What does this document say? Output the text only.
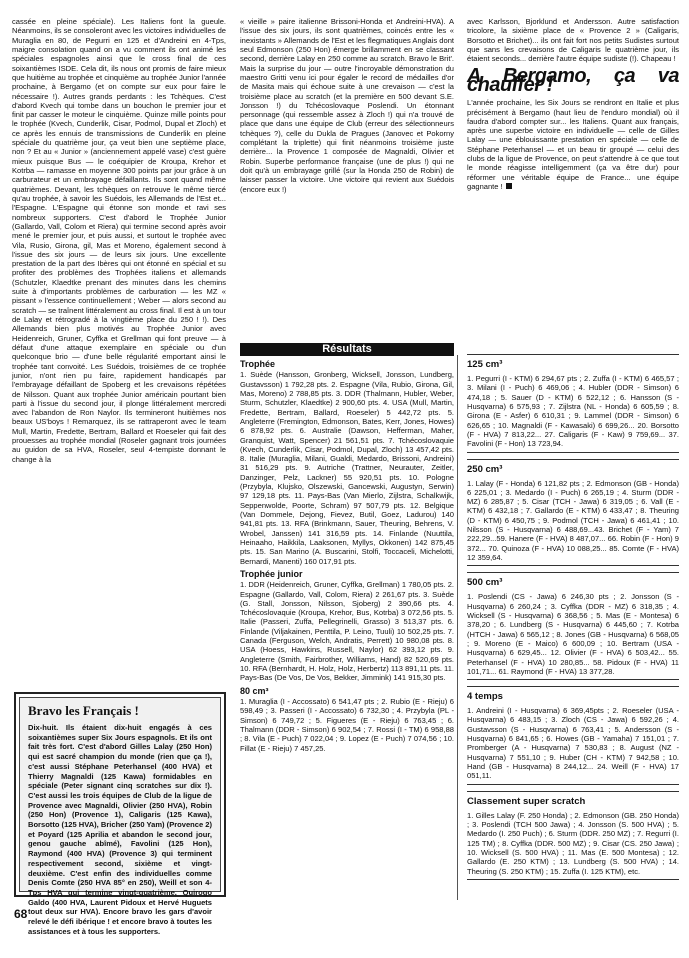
cassée en pleine spéciale). Les Italiens font la gueule. Néanmoins, ils se consoleront avec les victoires individuelles de Muraglia en 80, de Pegurri en 125 et d'Andreini en 4-Tps, maigre consolation quand on a vu comment ils ont animé les spéciales espagnoles ainsi que le cross final de ces soixantièmes ISDE. Cela dit, ils nous ont promis de faire mieux que huitième au trophée et cinquième au trophée Junior l'année prochaine, à Bergamo (et on compte sur eux pour faire le nécessaire !). Autres grands perdants : les Tchèques. C'est d'abord Kvech qui tombe dans un bouchon le premier jour et finit par casser le moteur le cinquième. Quinze mille points pour le trophée (Kvech, Cunderlik, Cisar, Podmol, Dupal et Zloch) et ce après les ennuis de transmissions de Cunderlik en pleine spéciale du quatrième jour, ça veut bien une septième place, non ? Et au « Junior » (anciennement appelé vase) c'est guère mieux puisque Bus — le coéquipier de Kroupa, Krehor et Kotrba — ramasse en moyenne 300 points par jour grâce à un carburateur et un embrayage défaillants. Ils sont quand même quatrièmes. Devant, les tchèques on retrouve le même tiercé qu'au trophée, à savoir les Suédois, les Allemands de l'Est et... l'Espagne. L'Espagne qui étonne son monde et ravi ses nombreux supporters. C'est d'abord le Trophée Junior (Gallardo, Vall, Colom et Riera) qui termine second après avoir mené le premier jour, et puis aussi, et surtout le trophée avec Vila, Rusio, Girona, gil, Mas et Moreno, également second à l'issue des six jours — de leurs six jours. Une excellente prestation de la part des Ibères qui ont étonné en spécial et su profiter des problèmes des Trophées italiens et allemands (Schutzler, Klaedtke prenant des minutes dans les chemins suite à d'importants problèmes de carburation — les MZ « pissant » l'essence continuellement ; Weber — alors second au scratch — se traînent littéralement au cross final. Il est à un tour de Lalay et rétrogradé à la vingtième place du 250 ! !). Des Allemands bien plus motivés au Trophée Junior avec Heidenreich, Gruner, Cyffka et Grellman qui font preuve — à défaut d'une attaque exemplaire en spéciale ou d'un quelconque brio — d'une belle régularité emportant ainsi le trophée tant convoité. Les Suédois, troisièmes de ce trophée junior, n'ont rien pu faire, rapidement handicapés par l'embrayage défaillant de Spoberg et les crevaisons répétées de Nilsson. Quant aux trophée Junior américain pourtant bien parti à l'issue du second jour, il plonge littéralement mercredi avec l'abandon de Ron Naylor. Ils termineront huitièmes nos beaux US'boys ! Remarquez, ils se rattraperont avec le team Mull, Martin, Fredette, Bertram, Ballard et Roeseler qui fait des prouesses au trophée mondial (Roseler gagnant trois journées au guidon de sa HVA, Roseler, seul 4-tempiste donnant le change à la

Bravo les Français !

Dix-huit. Ils étaient dix-huit engagés à ces soixantièmes super Six Jours espagnols. Et ils ont fait très fort. C'est d'abord Gilles Lalay (250 Hon) qui est sacré champion du monde (rien que ça !), c'est aussi Stéphane Peterhansel (400 HVA) et Thierry Magnaldi (125 Kawa) formidables en spéciale (Peter signant cinq scratches sur dix !). C'est aussi les trois équipes de Club de la ligue de Provence avec Magnaldi, Olivier (250 HVA), Robin (250 Hon) (Provence 1), Caligaris (125 Kawa), Borsotto (125 HVA), Bricher (250 Yam) (Provence 2) et Poyard (125 Aprilia et abandon le second jour, genou gauche abîmé), Favolini (125 Hon), Raymond (400 HVA) (Provence 3) qui terminent respectivement second, sixième et vingt-deuxième. C'est enfin des individuelles comme Denis Comte (250 HVA 85° en 250), Weill et son 4-Tps HVA qui termine vingt-quatrième, Quirogo Galdo (400 HVA, Laurent Pidoux et Hervé Huguets tout deux sur HVA). Encore bravo les gars d'avoir relevé le défi ibérique ! et encore bravo à toutes les assistances et à tous les supporters.

« vieille » paire italienne Brissoni-Honda et Andreini-HVA). A l'issue des six jours, ils sont quatrièmes, coincés entre les « inexistants » Allemands de l'Est et les flegmatiques Anglais dont seul Edmonson (250 Hon) émerge brillamment en se classant second, derrière Lalay en 250 comme au scratch. Bravo le Brit'. Mais la surprise du jour — outre l'incroyable démonstration du maestro Gritti venu ici pour égaler le record de médailles d'or de Masita mais qui échoue suite à une crevaison — c'est la troisième place au scratch (et la première en 500 devant S.E. Jonsson !) du Tchécoslovaque Poslendi. Un étonnant personnage (qui ressemble assez à Zloch !) qui n'a trouvé de place que dans une équipe de Club (erreur des sélectionneurs tchèques ?), celle du Dukla de Pragues (Janovec et Pokorny complétant la triplette) qui finit néanmoins troisième juste derrière... la Provence 1 composée de Magnaldi, Olivier et Robin. Superbe performance française (une de plus !) qui ne doit qu'à un embrayage grillé (sur la Honda 250 de Robin) de laisser passer la victoire. Une victoire qui revient aux Suédois (encore eux !)

Résultats
Trophée
1. Suède (Hansson, Gronberg, Wicksell, Jonsson, Lundberg, Gustavsson) 1 792,28 pts. 2. Espagne (Vila, Rubio, Girona, Gil, Mas, Moreno) 2 788,85 pts. 3. DDR (Thalmann, Hubler, Weber, Sturm, Schutzler, Klaedtke) 2 900,60 pts. 4. USA (Mull, Martin, Fredette, Bertram, Ballard, Roeseler) 5 442,72 pts. 5. Angleterre (Fremington, Edmonson, Bates, Kerr, Jones, Howes) 6 878,92 pts. 6. Australie (Dawson, Hefferman, Maher, Granquist, Watt, Spencer) 21 561,51 pts. 7. Tchécoslovaquie (Kvech, Cunderlik, Cisar, Podmol, Dupal, Zloch) 13 457,42 pts. 8. Italie (Muraglia, Milani, Gualdi, Medardo, Brissoni, Andreini) 31 516,29 pts. 9. Autriche (Trattner, Neurauter, Zeitler, Danzinger, Pelz, Lackner) 55 920,51 pts. 10. Pologne (Przybyla, Klujsko, Olszewski, Gancewski, Augustyn, Serwin) 97 129,18 pts. 11. Pays-Bas (Van Mierlo, Zijlstra, Schalkwijk, Seppenwolde, Poorte, Schram) 97 507,79 pts. 12. Belgique (Van Dommele, Dejong, Fievez, Butil, Goez, Ladurou) 140 941,81 pts. 13. RFA (Brinkmann, Sauer, Theuring, Behrens, V. Wrobel, Janssen) 141 316,59 pts. 14. Finlande (Nuuttila, Heinaaho, Haikkila, Laaksonen, Myllys, Okkonen) 142 875,45 pts. 15. San Marino (A. Buscarini, Stolfi, Toccaceli, Michelotti, Bernardi, Manenti) 160 017,91 pts.
Trophée junior
1. DDR (Heidenreich, Gruner, Cyffka, Grellman) 1 780,05 pts. 2. Espagne (Gallardo, Vall, Colom, Riera) 2 261,67 pts. 3. Suède (G. Stall, Jonsson, Nilsson, Sjoberg) 2 390,66 pts. 4. Tchécoslovaquie (Kroupa, Krehor, Bus, Kotrba) 3 072,56 pts. 5. Italie (Passeri, Zuffa, Pellegrinelli, Grasso) 3 513,37 pts. 6. Finlande (Viljakainen, Penttila, P. Leino, Tuuli) 10 502,25 pts. 7. Canada (Ferguson, Welch, Andratis, Perrett) 10 980,08 pts. 8. USA (Hoess, Hawkins, Russell, Naylor) 62 393,12 pts. 9. Angleterre (Smith, Fairbrother, Williams, Hand) 82 520,69 pts. 10. RFA (Bernhardt, H. Holz, Holz, Herbertz) 113 891,11 pts. 11. Pays-Bas (De Vos, De Vos, Bekker, Jimmink) 141 915,30 pts.
80 cm³
1. Muraglia (I - Accossato) 6 541,47 pts ; 2. Rubio (E - Rieju) 6 598,49 ; 3. Passeri (I - Accossato) 6 732,30 ; 4. Przybyla (PL - Simson) 6 749,72 ; 5. Figueres (E - Rieju) 6 763,45 ; 6. Thalmann (DDR - Simson) 6 902,54 ; 7. Rossi (I - TM) 6 958,88 ; 8. Vila (E - Puch) 7 022,04 ; 9. Lopez (E - Puch) 7 074,56 ; 10. Fillat (E - Rieju) 7 457,25.

avec Karlsson, Bjorklund et Andersson. Autre satisfaction tricolore, la sixième place de « Provence 2 » (Caligaris, Borsotto et Brichet)... ils ont fait fort nos petits Sudistes surtout que sans les crevaisons de Caligaris le quatrième jour, ils étaient seconds... derrière l'autre équipe sudiste (!). Chapeau !

A Bergamo, ça va chauffer !

L'année prochaine, les Six Jours se rendront en Italie et plus précisément à Bergamo (haut lieu de l'enduro mondial) où il faudra d'abord compter sur... les Italiens. Quant aux français, après une superbe victoire en individuelle — celle de Gilles Lalay — une éblouissante prestation en spéciale — celle de Stéphane Peterhansel — et un beau tir groupé — celui des clubs de la ligue de Provence, on peut s'attendre à ce que tout le monde réagisse intelligemment (ça va être dur) pour réformer une véritable équipe de France... une équipe gagnante !

125 cm³
1. Pegurri (I - KTM) 6 294,67 pts ; 2. Zuffa (I - KTM) 6 465,57 ; 3. Milani (I - Puch) 6 469,06 ; 4. Hubler (DDR - Simson) 6 474,18 ; 5. Sauer (D - KTM) 6 522,12 ; 6. Hansson (S - Husqvarna) 6 575,93 ; 7. Zijlstra (NL - Honda) 6 605,59 ; 8. Girona (E - Asfer) 6 610,31 ; 9. Lammel (DDR - Simson) 6 626,65 ; 10. Magnaldi (F - Kawasaki) 6 699,26... 20. Borsotto (F - HVA) 7 813,22... 27. Caligaris (F - Kaw) 9 759,69... 37. Favolini (F - Hon) 13 723,94.
250 cm³
1. Lalay (F - Honda) 6 121,82 pts ; 2. Edmonson (GB - Honda) 6 225,01 ; 3. Medardo (I - Puch) 6 265,19 ; 4. Sturm (DDR - MZ) 6 285,87 ; 5. Cisar (TCH - Jawa) 6 319,05 ; 6. Vall (E - KTM) 6 432,18 ; 7. Gallardo (E - KTM) 6 433,47 ; 8. Theuring (D - KTM) 6 450,75 ; 9. Podmol (TCH - Jawa) 6 461,41 ; 10. Nilsson (S - Husqvarna) 6 488,69...43. Brichet (F - Yam) 7 222,29...59. Hanere (F - HVA) 8 487,07... 66. Robin (F - Hon) 9 372... 70. Quinoza (F - HVA) 10 088,25... 85. Comte (F - HVA) 12 359,64.
500 cm³
1. Poslendi (CS - Jawa) 6 246,30 pts ; 2. Jonsson (S - Husqvarna) 6 260,24 ; 3. Cyffka (DDR - MZ) 6 318,35 ; 4. Wicksell (S - Husqvarna) 6 368,56 ; 5. Mas (E - Montesa) 6 378,20 ; 6. Lundberg (S - Husqvarna) 6 445,60 ; 7. Kotrba (HTCH - Jawa) 6 565,12 ; 8. Jones (GB - Husqvarna) 6 568,05 ; 9. Moreno (E - Maico) 6 600,09 ; 10. Bertram (USA - Husqvarna) 6 629,45... 12. Olivier (F - HVA) 6 503,42... 55. Peterhansel (F - HVA) 10 280,85... 58. Pidoux (F - HVA) 11 101,71... 61. Raymond (F - HVA) 13 377,28.
4 temps
1. Andreini (I - Husqvarna) 6 369,45pts ; 2. Roeseler (USA - Husqvarna) 6 483,15 ; 3. Zloch (CS - Jawa) 6 592,26 ; 4. Gustavsson (S - Husqvarna) 6 763,41 ; 5. Andersson (S - Husqvarna) 6 841,65 ; 6. Howes (GB - Yamaha) 7 151,01 ; 7. Promberger (A - Husqvarna) 7 530,83 ; 8. August (NZ - Husqvarna) 7 551,10 ; 9. Huber (CH - KTM) 7 942,58 ; 10. Hand (GB - Husqvarna) 8 244,12... 24. Weill (F - HVA) 17 051,11.
Classement super scratch
1. Gilles Lalay (F. 250 Honda) ; 2. Edmonson (GB. 250 Honda) ; 3. Poslendi (TCH 500 Jawa) ; 4. Jonsson (S. 500 HVA) ; 5. Medardo (I. 250 Puch) ; 6. Sturm (DDR. 250 MZ) ; 7. Regurri (I. 125 TM) ; 8. Cyffka (DDR. 500 MZ) ; 9. Cisar (CS. 250 Jawa) ; 10. Wicksell (S. 500 HVA) ; 11. Mas (E. 500 Montesa) ; 12. Gallardo (E. 250 KTM) ; 13. Lundberg (S. 500 HVA) ; 14. Theuring (S. 250 KTM) ; 15. Zuffa (I. 125 KTM), etc.
68
